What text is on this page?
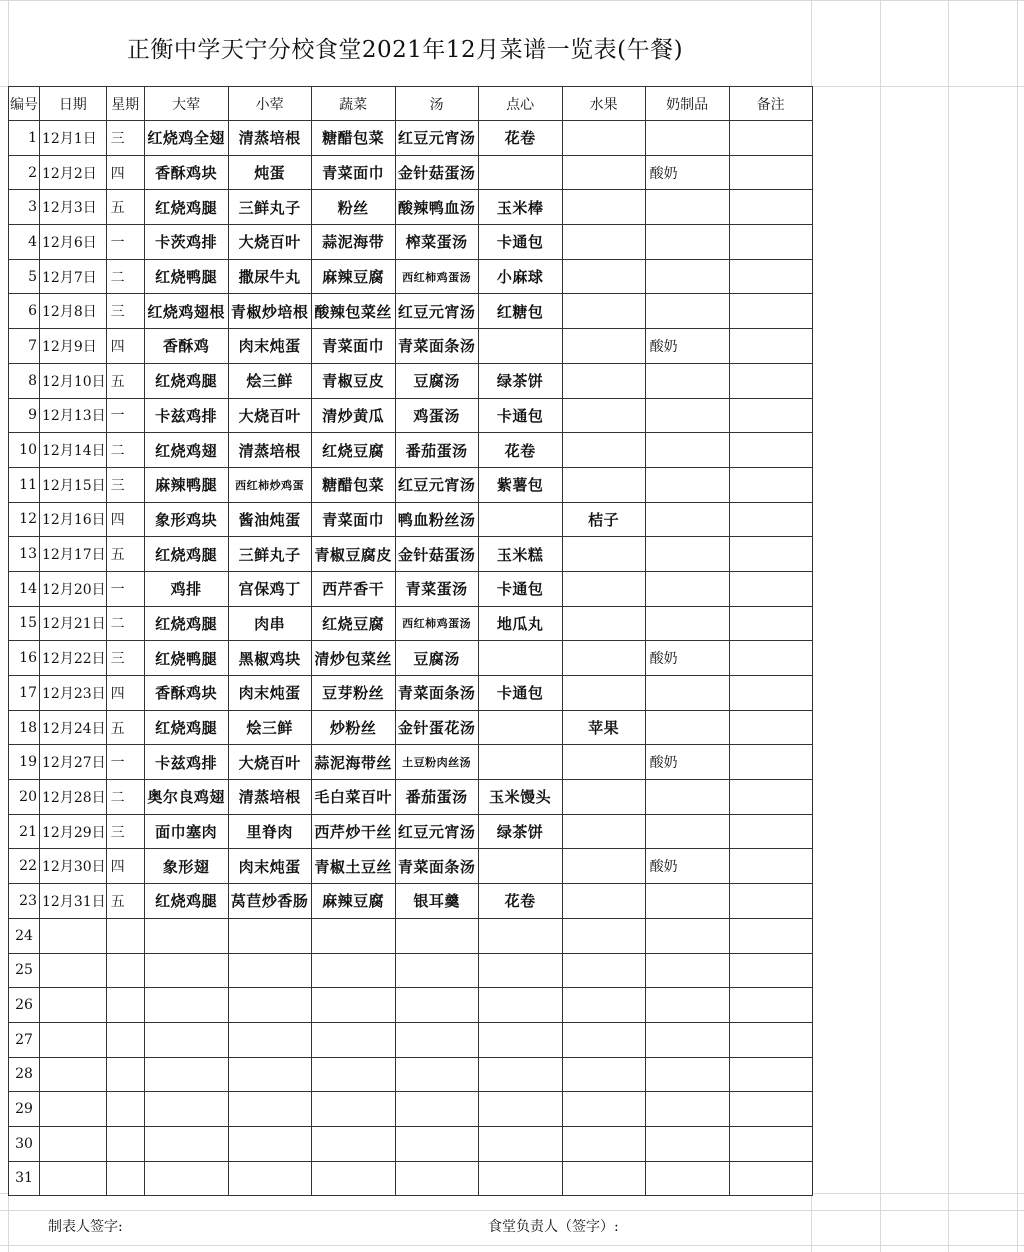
正衡中学天宁分校食堂2021年12月菜谱一览表(午餐)
编号	日期	星期	大荤	小荤	蔬菜	汤	点心	水果	奶制品	备注
1	12月1日	三	红烧鸡全翅	清蒸培根	糖醋包菜	红豆元宵汤	花卷			
2	12月2日	四	香酥鸡块	炖蛋	青菜面巾	金针菇蛋汤			酸奶	
3	12月3日	五	红烧鸡腿	三鲜丸子	粉丝	酸辣鸭血汤	玉米棒			
4	12月6日	一	卡茨鸡排	大烧百叶	蒜泥海带	榨菜蛋汤	卡通包			
5	12月7日	二	红烧鸭腿	撒尿牛丸	麻辣豆腐	西红柿鸡蛋汤	小麻球			
6	12月8日	三	红烧鸡翅根	青椒炒培根	酸辣包菜丝	红豆元宵汤	红糖包			
7	12月9日	四	香酥鸡	肉末炖蛋	青菜面巾	青菜面条汤			酸奶	
8	12月10日	五	红烧鸡腿	烩三鲜	青椒豆皮	豆腐汤	绿茶饼			
9	12月13日	一	卡兹鸡排	大烧百叶	清炒黄瓜	鸡蛋汤	卡通包			
10	12月14日	二	红烧鸡翅	清蒸培根	红烧豆腐	番茄蛋汤	花卷			
11	12月15日	三	麻辣鸭腿	西红柿炒鸡蛋	糖醋包菜	红豆元宵汤	紫薯包			
12	12月16日	四	象形鸡块	酱油炖蛋	青菜面巾	鸭血粉丝汤		桔子		
13	12月17日	五	红烧鸡腿	三鲜丸子	青椒豆腐皮	金针菇蛋汤	玉米糕			
14	12月20日	一	鸡排	宫保鸡丁	西芹香干	青菜蛋汤	卡通包			
15	12月21日	二	红烧鸡腿	肉串	红烧豆腐	西红柿鸡蛋汤	地瓜丸			
16	12月22日	三	红烧鸭腿	黑椒鸡块	清炒包菜丝	豆腐汤			酸奶	
17	12月23日	四	香酥鸡块	肉末炖蛋	豆芽粉丝	青菜面条汤	卡通包			
18	12月24日	五	红烧鸡腿	烩三鲜	炒粉丝	金针蛋花汤		苹果		
19	12月27日	一	卡兹鸡排	大烧百叶	蒜泥海带丝	土豆粉肉丝汤			酸奶	
20	12月28日	二	奥尔良鸡翅	清蒸培根	毛白菜百叶	番茄蛋汤	玉米馒头			
21	12月29日	三	面巾塞肉	里脊肉	西芹炒干丝	红豆元宵汤	绿茶饼			
22	12月30日	四	象形翅	肉末炖蛋	青椒土豆丝	青菜面条汤			酸奶	
23	12月31日	五	红烧鸡腿	莴苣炒香肠	麻辣豆腐	银耳羹	花卷			
24										
25										
26										
27										
28										
29										
30										
31										
制表人签字:	食堂负责人（签字）:
